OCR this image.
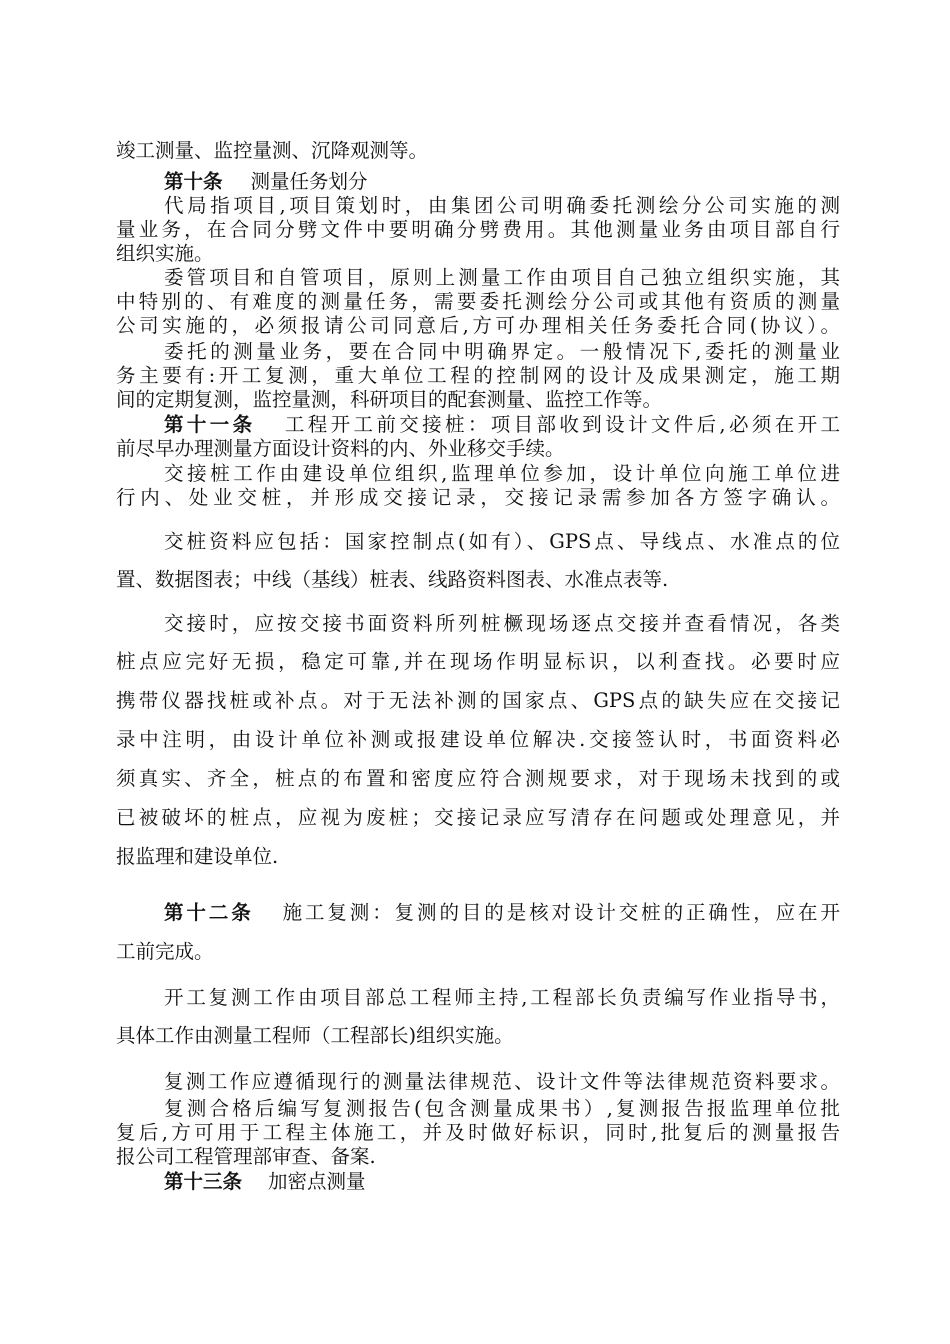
竣工测量、监控量测、沉降观测等。
第十条 测量任务划分
代局指项目,项目策划时，由集团公司明确委托测绘分公司实施的测
量业务，在合同分劈文件中要明确分劈费用。其他测量业务由项目部自行
组织实施。
委管项目和自管项目，原则上测量工作由项目自己独立组织实施，其
中特别的、有难度的测量任务，需要委托测绘分公司或其他有资质的测量
公司实施的，必须报请公司同意后,方可办理相关任务委托合同(协议）。
委托的测量业务，要在合同中明确界定。一般情况下,委托的测量业
务主要有:开工复测，重大单位工程的控制网的设计及成果测定，施工期
间的定期复测，监控量测，科研项目的配套测量、监控工作等。
第十一条 工程开工前交接桩：项目部收到设计文件后,必须在开工
前尽早办理测量方面设计资料的内、外业移交手续。
交接桩工作由建设单位组织,监理单位参加，设计单位向施工单位进
行内、处业交桩，并形成交接记录，交接记录需参加各方签字确认。
交桩资料应包括：国家控制点(如有）、GPS点、导线点、水准点的位
置、数据图表；中线（基线）桩表、线路资料图表、水准点表等.
交接时，应按交接书面资料所列桩橛现场逐点交接并查看情况，各类
桩点应完好无损，稳定可靠,并在现场作明显标识，以利查找。必要时应
携带仪器找桩或补点。对于无法补测的国家点、GPS点的缺失应在交接记
录中注明，由设计单位补测或报建设单位解决.交接签认时，书面资料必
须真实、齐全，桩点的布置和密度应符合测规要求，对于现场未找到的或
已被破坏的桩点，应视为废桩；交接记录应写清存在问题或处理意见，并
报监理和建设单位.
第十二条 施工复测：复测的目的是核对设计交桩的正确性，应在开
工前完成。
开工复测工作由项目部总工程师主持,工程部长负责编写作业指导书，
具体工作由测量工程师（工程部长)组织实施。
复测工作应遵循现行的测量法律规范、设计文件等法律规范资料要求。
复测合格后编写复测报告(包含测量成果书）,复测报告报监理单位批
复后,方可用于工程主体施工，并及时做好标识，同时,批复后的测量报告
报公司工程管理部审查、备案.
第十三条 加密点测量
